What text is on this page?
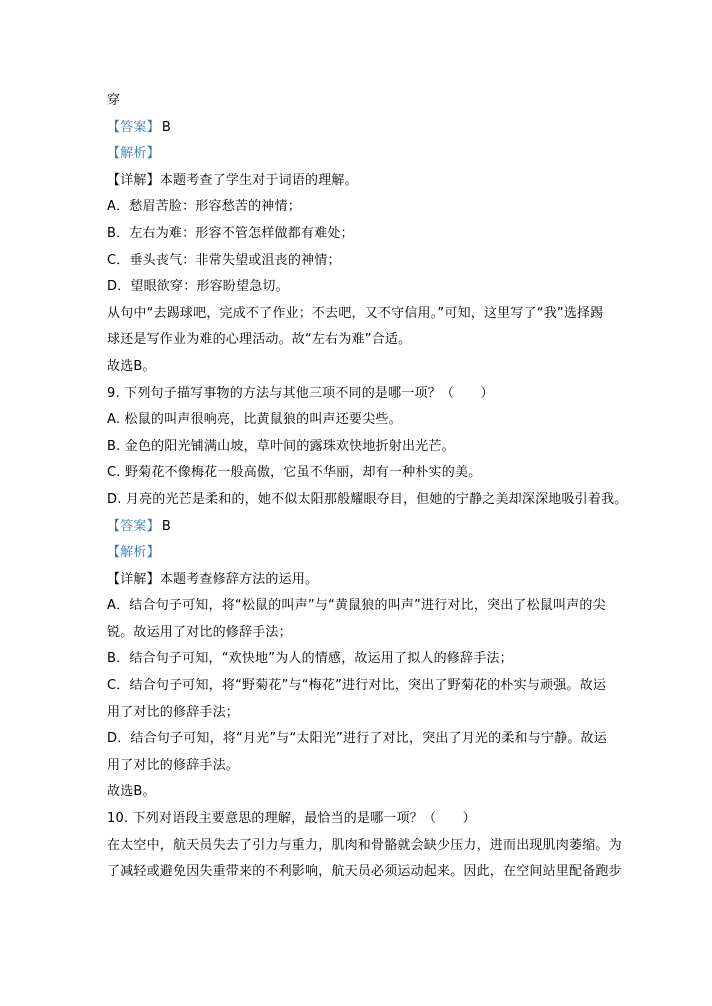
穿
【答案】 B
【解析】
【详解】本题考查了学生对于词语的理解。
A．愁眉苦脸：形容愁苦的神情；
B．左右为难：形容不管怎样做都有难处；
C．垂头丧气：非常失望或沮丧的神情；
D．望眼欲穿：形容盼望急切。
从句中“去踢球吧，完成不了作业；不去吧，又不守信用。”可知，这里写了“我”选择踢
球还是写作业为难的心理活动。故“左右为难”合适。
故选B。
9. 下列句子描写事物的方法与其他三项不同的是哪一项？（　　）
A. 松鼠的叫声很响亮，比黄鼠狼的叫声还要尖些。
B. 金色的阳光铺满山坡，草叶间的露珠欢快地折射出光芒。
C. 野菊花不像梅花一般高傲，它虽不华丽，却有一种朴实的美。
D. 月亮的光芒是柔和的，她不似太阳那般耀眼夺目，但她的宁静之美却深深地吸引着我。
【答案】 B
【解析】
【详解】本题考查修辞方法的运用。
A．结合句子可知，将“松鼠的叫声”与“黄鼠狼的叫声”进行对比，突出了松鼠叫声的尖
锐。故运用了对比的修辞手法；
B．结合句子可知，“欢快地”为人的情感，故运用了拟人的修辞手法；
C．结合句子可知，将“野菊花”与“梅花”进行对比，突出了野菊花的朴实与顽强。故运
用了对比的修辞手法；
D．结合句子可知，将“月光”与“太阳光”进行了对比，突出了月光的柔和与宁静。故运
用了对比的修辞手法。
故选B。
10. 下列对语段主要意思的理解，最恰当的是哪一项？（　　）
在太空中，航天员失去了引力与重力，肌肉和骨骼就会缺少压力，进而出现肌肉萎缩。为
了减轻或避免因失重带来的不利影响，航天员必须运动起来。因此，在空间站里配备跑步
